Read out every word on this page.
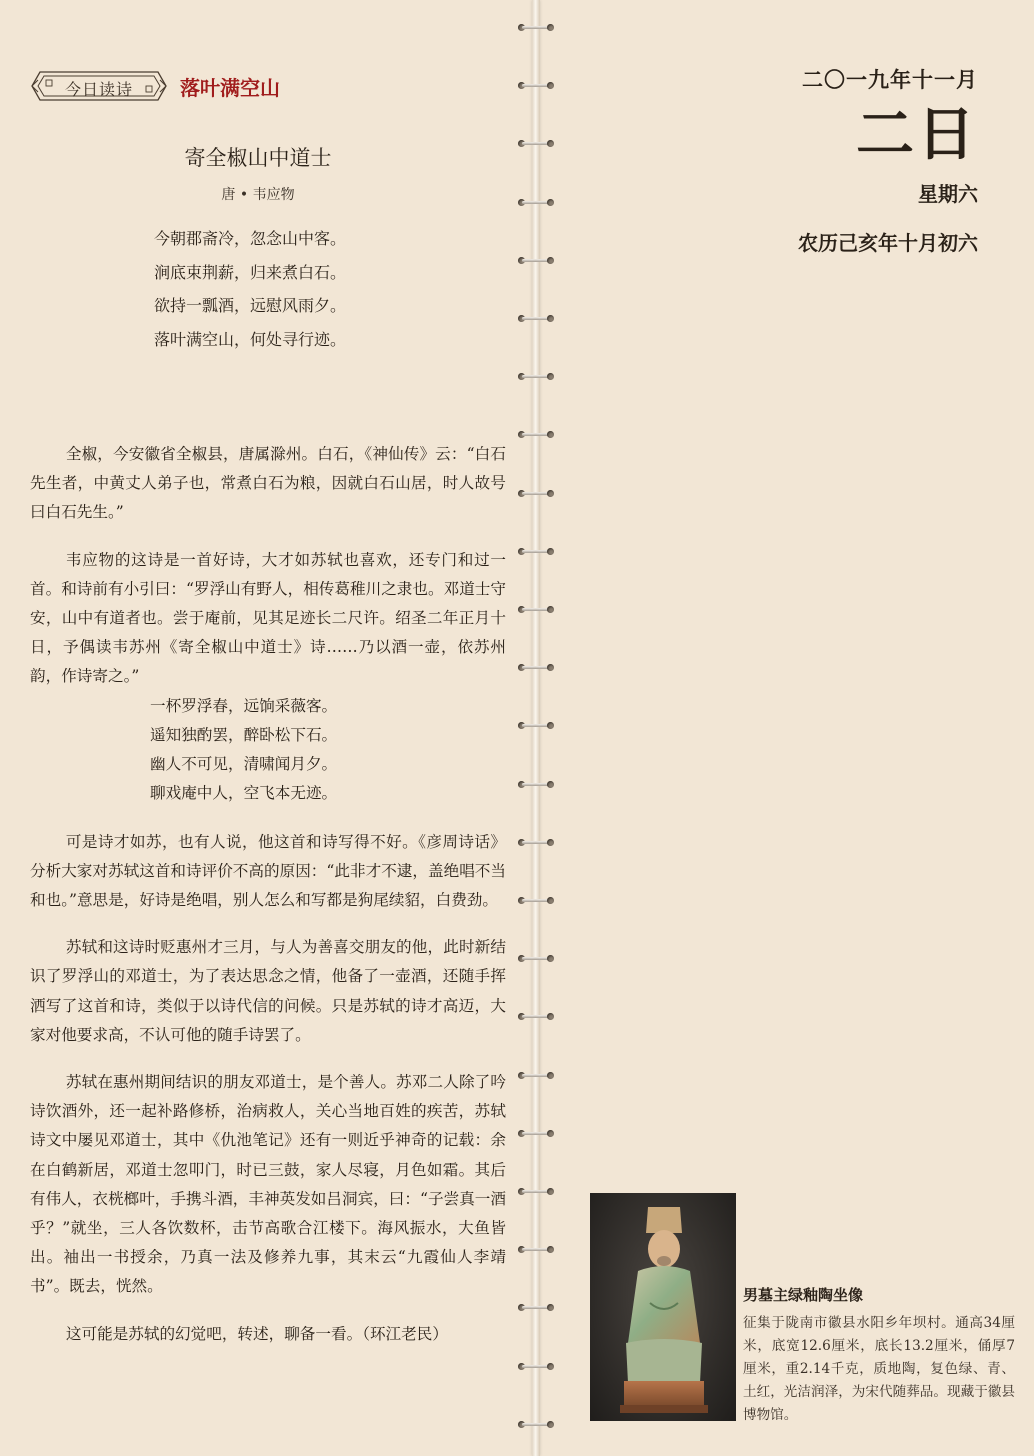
今日读诗	落叶满空山
寄全椒山中道士
唐 • 韦应物
今朝郡斋冷，忽念山中客。
涧底束荆薪，归来煮白石。
欲持一瓢酒，远慰风雨夕。
落叶满空山，何处寻行迹。

全椒，今安徽省全椒县，唐属滁州。白石，《神仙传》云：“白石先生者，中黄丈人弟子也，常煮白石为粮，因就白石山居，时人故号曰白石先生。”

韦应物的这诗是一首好诗，大才如苏轼也喜欢，还专门和过一首。和诗前有小引曰：“罗浮山有野人，相传葛稚川之隶也。邓道士守安，山中有道者也。尝于庵前，见其足迹长二尺许。绍圣二年正月十日，予偶读韦苏州《寄全椒山中道士》诗……乃以酒一壶，依苏州韵，作诗寄之。”

一杯罗浮春，远饷采薇客。
遥知独酌罢，醉卧松下石。
幽人不可见，清啸闻月夕。
聊戏庵中人，空飞本无迹。

可是诗才如苏，也有人说，他这首和诗写得不好。《彦周诗话》分析大家对苏轼这首和诗评价不高的原因：“此非才不逮，盖绝唱不当和也。”意思是，好诗是绝唱，别人怎么和写都是狗尾续貂，白费劲。

苏轼和这诗时贬惠州才三月，与人为善喜交朋友的他，此时新结识了罗浮山的邓道士，为了表达思念之情，他备了一壶酒，还随手挥洒写了这首和诗，类似于以诗代信的问候。只是苏轼的诗才高迈，大家对他要求高，不认可他的随手诗罢了。

苏轼在惠州期间结识的朋友邓道士，是个善人。苏邓二人除了吟诗饮酒外，还一起补路修桥，治病救人，关心当地百姓的疾苦，苏轼诗文中屡见邓道士，其中《仇池笔记》还有一则近乎神奇的记载：余在白鹤新居，邓道士忽叩门，时已三鼓，家人尽寝，月色如霜。其后有伟人，衣桄榔叶，手携斗酒，丰神英发如吕洞宾，曰：“子尝真一酒乎？”就坐，三人各饮数杯，击节高歌合江楼下。海风振水，大鱼皆出。袖出一书授余，乃真一法及修养九事，其末云“九霞仙人李靖书”。既去，恍然。

这可能是苏轼的幻觉吧，转述，聊备一看。（环江老民）

二〇一九年十一月
二日
星期六
农历己亥年十月初六
男墓主绿釉陶坐像
征集于陇南市徽县水阳乡年坝村。通高34厘米，底宽12.6厘米，底长13.2厘米，俑厚7厘米，重2.14千克，质地陶，复色绿、青、土红，光洁润泽，为宋代随葬品。现藏于徽县博物馆。
